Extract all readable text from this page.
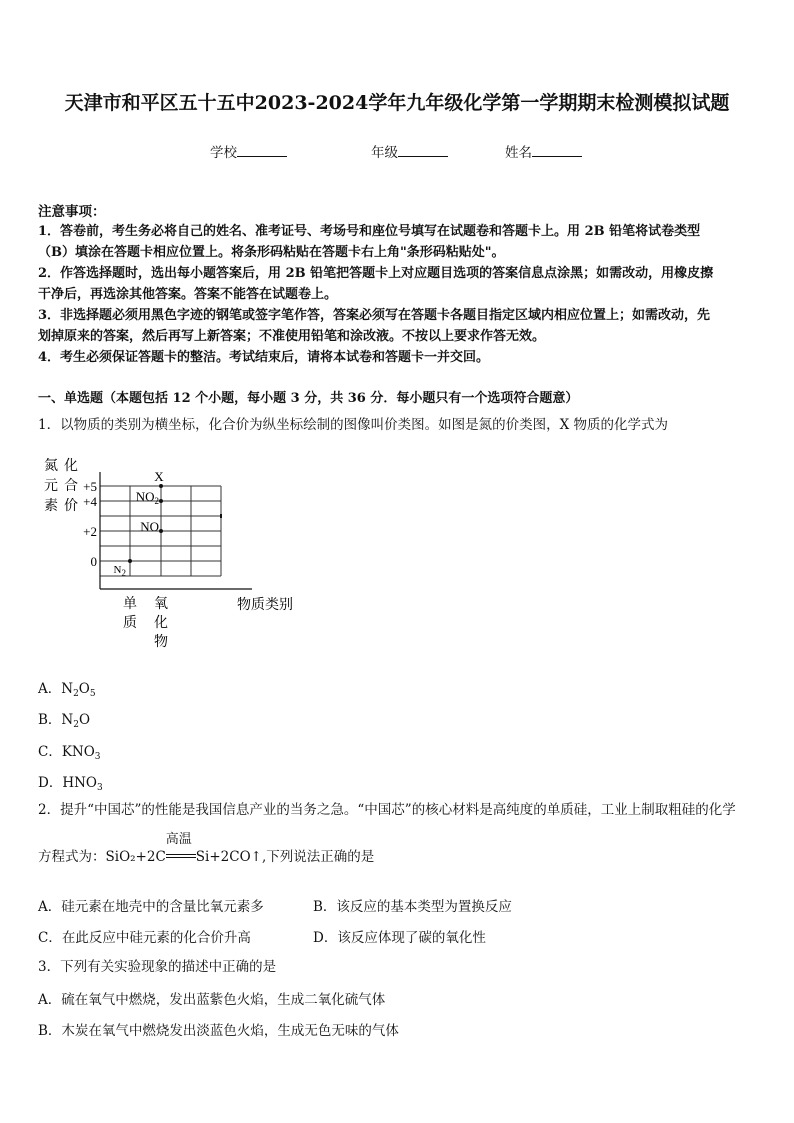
天津市和平区五十五中2023-2024学年九年级化学第一学期期末检测模拟试题
学校	年级	姓名
注意事项：
1．答卷前，考生务必将自己的姓名、准考证号、考场号和座位号填写在试题卷和答题卡上。用 2B 铅笔将试卷类型
（B）填涂在答题卡相应位置上。将条形码粘贴在答题卡右上角"条形码粘贴处"。
2．作答选择题时，选出每小题答案后，用 2B 铅笔把答题卡上对应题目选项的答案信息点涂黑；如需改动，用橡皮擦
干净后，再选涂其他答案。答案不能答在试题卷上。
3．非选择题必须用黑色字迹的钢笔或签字笔作答，答案必须写在答题卡各题目指定区域内相应位置上；如需改动，先
划掉原来的答案，然后再写上新答案；不准使用铅笔和涂改液。不按以上要求作答无效。
4．考生必须保证答题卡的整洁。考试结束后，请将本试卷和答题卡一并交回。
一、单选题（本题包括 12 个小题，每小题 3 分，共 36 分．每小题只有一个选项符合题意）
1．以物质的类别为横坐标，化合价为纵坐标绘制的图像叫价类图。如图是氮的价类图，X 物质的化学式为
氮
元
素
化
合
价
+5
+4
+2
0
单
质
氧
化
物
$N_2$
NO
$NO_2$
X
物质类别
A．$N_2O_5$
B．$N_2O$
C．$KNO_3$
D．$HNO_3$
2．提升“中国芯”的性能是我国信息产业的当务之急。“中国芯”的核心材料是高纯度的单质硅，工业上制取粗硅的化学
方程式为：SiO₂+2C
高温
Si+2CO↑,下列说法正确的是
A．硅元素在地壳中的含量比氧元素多	B．该反应的基本类型为置换反应
C．在此反应中硅元素的化合价升高	D．该反应体现了碳的氧化性
3．下列有关实验现象的描述中正确的是
A．硫在氧气中燃烧，发出蓝紫色火焰，生成二氧化硫气体
B．木炭在氧气中燃烧发出淡蓝色火焰，生成无色无味的气体
